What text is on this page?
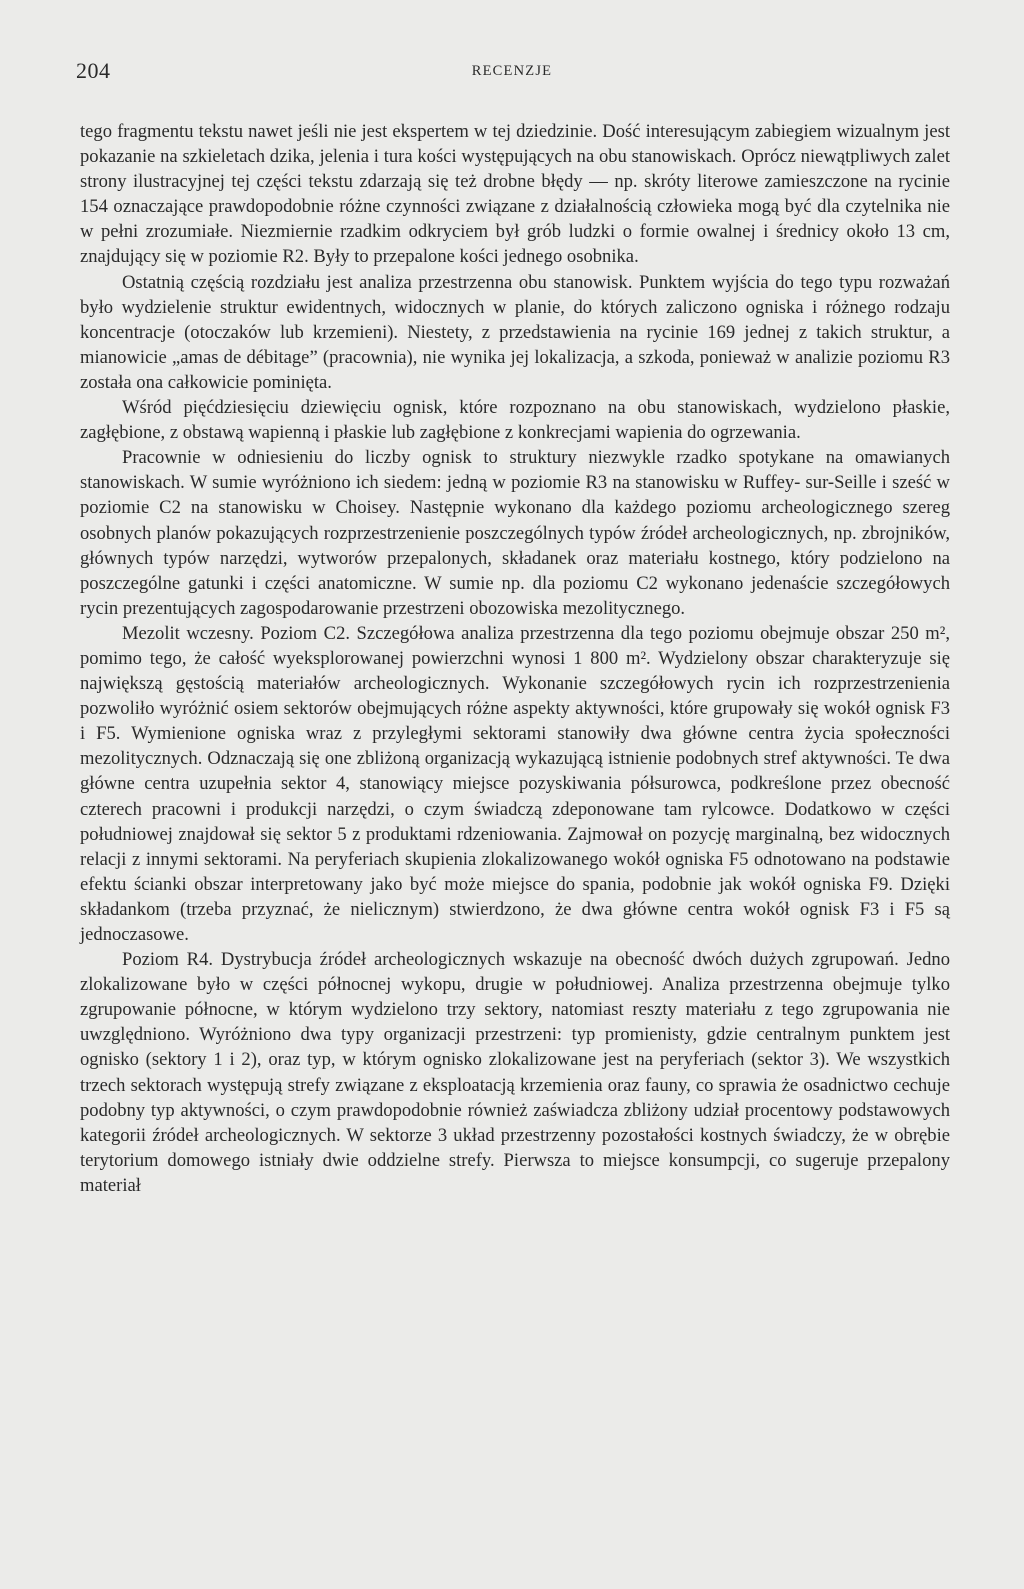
204	RECENZJE

tego fragmentu tekstu nawet jeśli nie jest ekspertem w tej dziedzinie. Dość interesującym zabiegiem wizualnym jest pokazanie na szkieletach dzika, jelenia i tura kości występujących na obu stanowiskach. Oprócz niewątpliwych zalet strony ilustracyjnej tej części tekstu zdarzają się też drobne błędy — np. skróty literowe zamieszczone na rycinie 154 oznaczające prawdopodobnie różne czynności związane z działalnością człowieka mogą być dla czytelnika nie w pełni zrozumiałe. Niezmiernie rzadkim odkryciem był grób ludzki o formie owalnej i średnicy około 13 cm, znajdujący się w poziomie R2. Były to przepalone kości jednego osobnika.

Ostatnią częścią rozdziału jest analiza przestrzenna obu stanowisk. Punktem wyjścia do tego typu rozważań było wydzielenie struktur ewidentnych, widocznych w planie, do których zaliczono ogniska i różnego rodzaju koncentracje (otoczaków lub krzemieni). Niestety, z przedstawienia na rycinie 169 jednej z takich struktur, a mianowicie „amas de débitage” (pracownia), nie wynika jej lokalizacja, a szkoda, ponieważ w analizie poziomu R3 została ona całkowicie pominięta.

Wśród pięćdziesięciu dziewięciu ognisk, które rozpoznano na obu stanowiskach, wydzielono płaskie, zagłębione, z obstawą wapienną i płaskie lub zagłębione z konkrecjami wapienia do ogrzewania.

Pracownie w odniesieniu do liczby ognisk to struktury niezwykle rzadko spotykane na omawianych stanowiskach. W sumie wyróżniono ich siedem: jedną w poziomie R3 na stanowisku w Ruffey- sur-Seille i sześć w poziomie C2 na stanowisku w Choisey. Następnie wykonano dla każdego poziomu archeologicznego szereg osobnych planów pokazujących rozprzestrzenienie poszczególnych typów źródeł archeologicznych, np. zbrojników, głównych typów narzędzi, wytworów przepalonych, składanek oraz materiału kostnego, który podzielono na poszczególne gatunki i części anatomiczne. W sumie np. dla poziomu C2 wykonano jedenaście szczegółowych rycin prezentujących zagospodarowanie przestrzeni obozowiska mezolitycznego.

Mezolit wczesny. Poziom C2. Szczegółowa analiza przestrzenna dla tego poziomu obejmuje obszar 250 m², pomimo tego, że całość wyeksplorowanej powierzchni wynosi 1 800 m². Wydzielony obszar charakteryzuje się największą gęstością materiałów archeologicznych. Wykonanie szczegółowych rycin ich rozprzestrzenienia pozwoliło wyróżnić osiem sektorów obejmujących różne aspekty aktywności, które grupowały się wokół ognisk F3 i F5. Wymienione ogniska wraz z przyległymi sektorami stanowiły dwa główne centra życia społeczności mezolitycznych. Odznaczają się one zbliżoną organizacją wykazującą istnienie podobnych stref aktywności. Te dwa główne centra uzupełnia sektor 4, stanowiący miejsce pozyskiwania półsurowca, podkreślone przez obecność czterech pracowni i produkcji narzędzi, o czym świadczą zdeponowane tam rylcowce. Dodatkowo w części południowej znajdował się sektor 5 z produktami rdzeniowania. Zajmował on pozycję marginalną, bez widocznych relacji z innymi sektorami. Na peryferiach skupienia zlokalizowanego wokół ogniska F5 odnotowano na podstawie efektu ścianki obszar interpretowany jako być może miejsce do spania, podobnie jak wokół ogniska F9. Dzięki składankom (trzeba przyznać, że nielicznym) stwierdzono, że dwa główne centra wokół ognisk F3 i F5 są jednoczasowe.

Poziom R4. Dystrybucja źródeł archeologicznych wskazuje na obecność dwóch dużych zgrupowań. Jedno zlokalizowane było w części północnej wykopu, drugie w południowej. Analiza przestrzenna obejmuje tylko zgrupowanie północne, w którym wydzielono trzy sektory, natomiast reszty materiału z tego zgrupowania nie uwzględniono. Wyróżniono dwa typy organizacji przestrzeni: typ promienisty, gdzie centralnym punktem jest ognisko (sektory 1 i 2), oraz typ, w którym ognisko zlokalizowane jest na peryferiach (sektor 3). We wszystkich trzech sektorach występują strefy związane z eksploatacją krzemienia oraz fauny, co sprawia że osadnictwo cechuje podobny typ aktywności, o czym prawdopodobnie również zaświadcza zbliżony udział procentowy podstawowych kategorii źródeł archeologicznych. W sektorze 3 układ przestrzenny pozostałości kostnych świadczy, że w obrębie terytorium domowego istniały dwie oddzielne strefy. Pierwsza to miejsce konsumpcji, co sugeruje przepalony materiał
